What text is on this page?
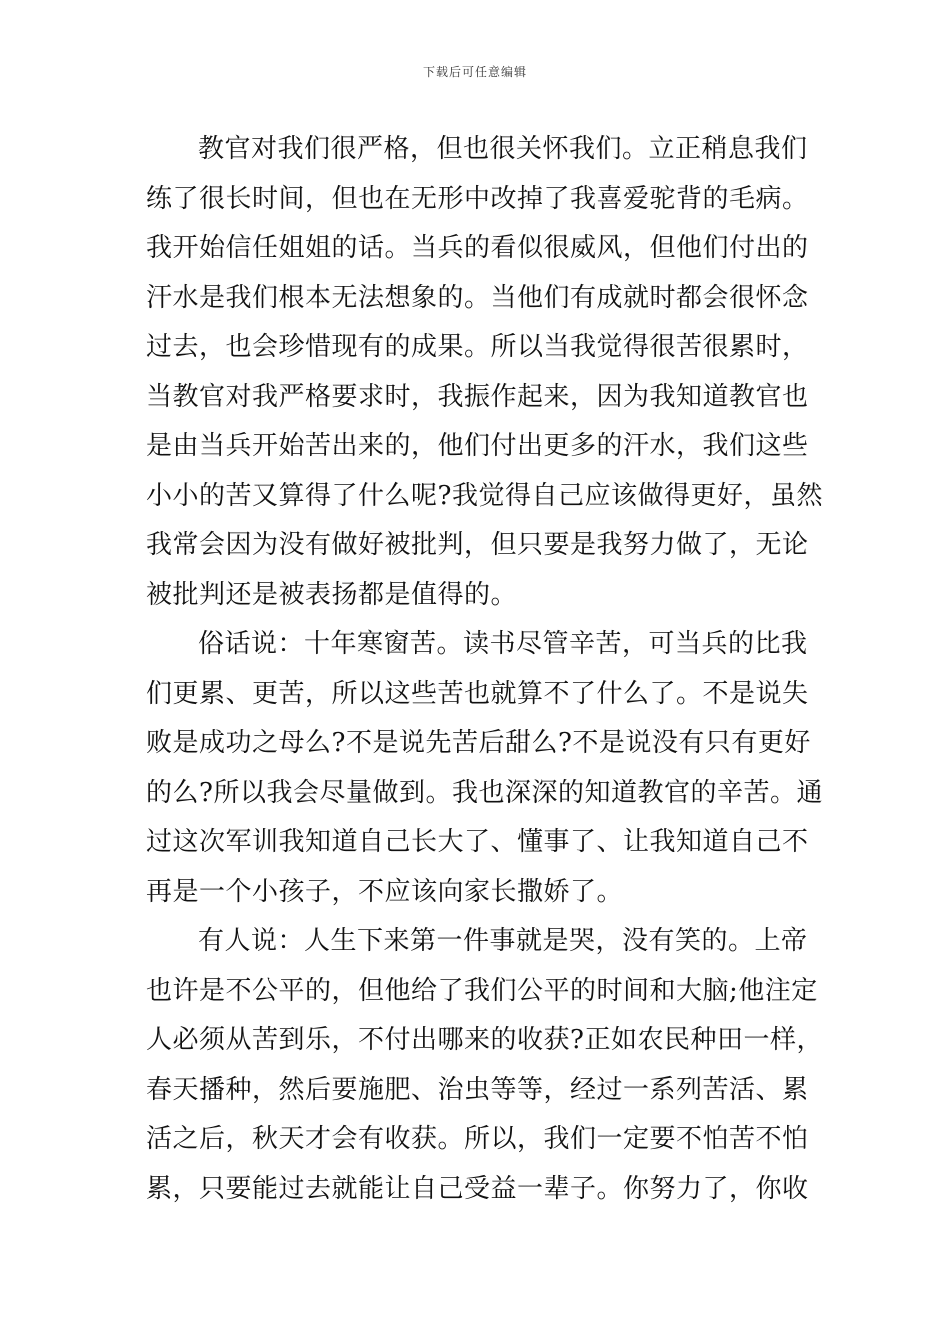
下载后可任意编辑
教官对我们很严格，但也很关怀我们。立正稍息我们
练了很长时间，但也在无形中改掉了我喜爱驼背的毛病。
我开始信任姐姐的话。当兵的看似很威风，但他们付出的
汗水是我们根本无法想象的。当他们有成就时都会很怀念
过去，也会珍惜现有的成果。所以当我觉得很苦很累时，
当教官对我严格要求时，我振作起来，因为我知道教官也
是由当兵开始苦出来的，他们付出更多的汗水，我们这些
小小的苦又算得了什么呢?我觉得自己应该做得更好，虽然
我常会因为没有做好被批判，但只要是我努力做了，无论
被批判还是被表扬都是值得的。
俗话说：十年寒窗苦。读书尽管辛苦，可当兵的比我
们更累、更苦，所以这些苦也就算不了什么了。不是说失
败是成功之母么?不是说先苦后甜么?不是说没有只有更好
的么?所以我会尽量做到。我也深深的知道教官的辛苦。通
过这次军训我知道自己长大了、懂事了、让我知道自己不
再是一个小孩子，不应该向家长撒娇了。
有人说：人生下来第一件事就是哭，没有笑的。上帝
也许是不公平的，但他给了我们公平的时间和大脑;他注定
人必须从苦到乐，不付出哪来的收获?正如农民种田一样，
春天播种，然后要施肥、治虫等等，经过一系列苦活、累
活之后，秋天才会有收获。所以，我们一定要不怕苦不怕
累，只要能过去就能让自己受益一辈子。你努力了，你收
